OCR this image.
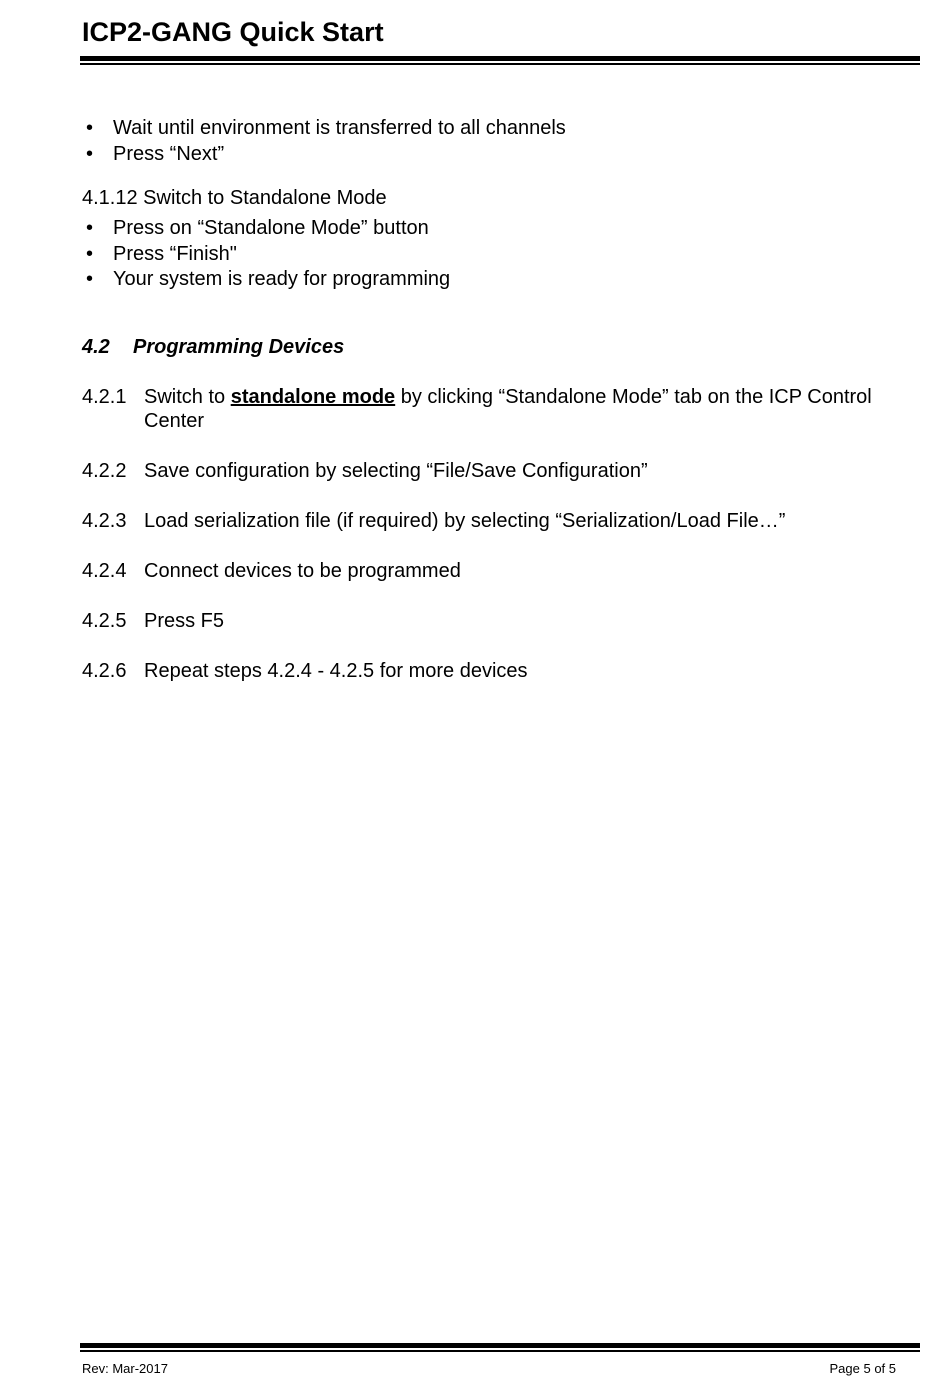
ICP2-GANG Quick Start
• Wait until environment is transferred to all channels
• Press “Next”
4.1.12 Switch to Standalone Mode
• Press on “Standalone Mode” button
• Press “Finish"
• Your system is ready for programming
4.2 Programming Devices
4.2.1 Switch to standalone mode by clicking “Standalone Mode” tab on the ICP Control Center
4.2.2 Save configuration by selecting “File/Save Configuration”
4.2.3 Load serialization file (if required) by selecting “Serialization/Load File…”
4.2.4 Connect devices to be programmed
4.2.5 Press F5
4.2.6 Repeat steps 4.2.4 - 4.2.5 for more devices
Rev: Mar-2017	Page 5 of 5
